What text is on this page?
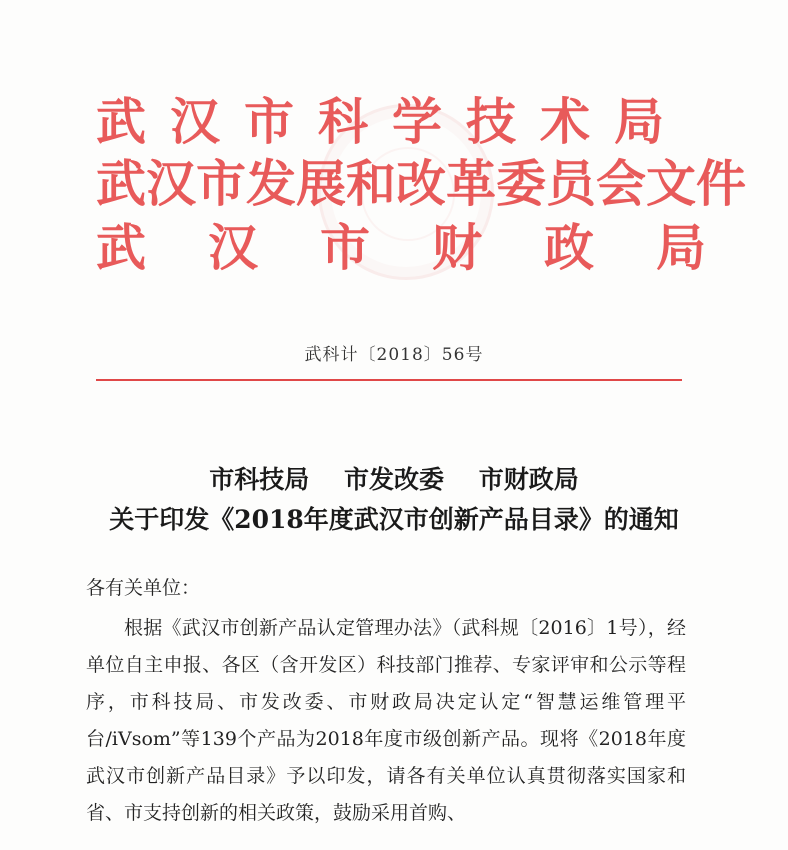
武汉市科学技术局
武汉市发展和改革委员会文件
武汉市财政局
武科计〔2018〕56号
市科技局 市发改委 市财政局
关于印发《2018年度武汉市创新产品目录》的通知
各有关单位：
根据《武汉市创新产品认定管理办法》（武科规〔2016〕1号），经单位自主申报、各区（含开发区）科技部门推荐、专家评审和公示等程序，市科技局、市发改委、市财政局决定认定“智慧运维管理平台/iVsom”等139个产品为2018年度市级创新产品。现将《2018年度武汉市创新产品目录》予以印发，请各有关单位认真贯彻落实国家和省、市支持创新的相关政策，鼓励采用首购、
